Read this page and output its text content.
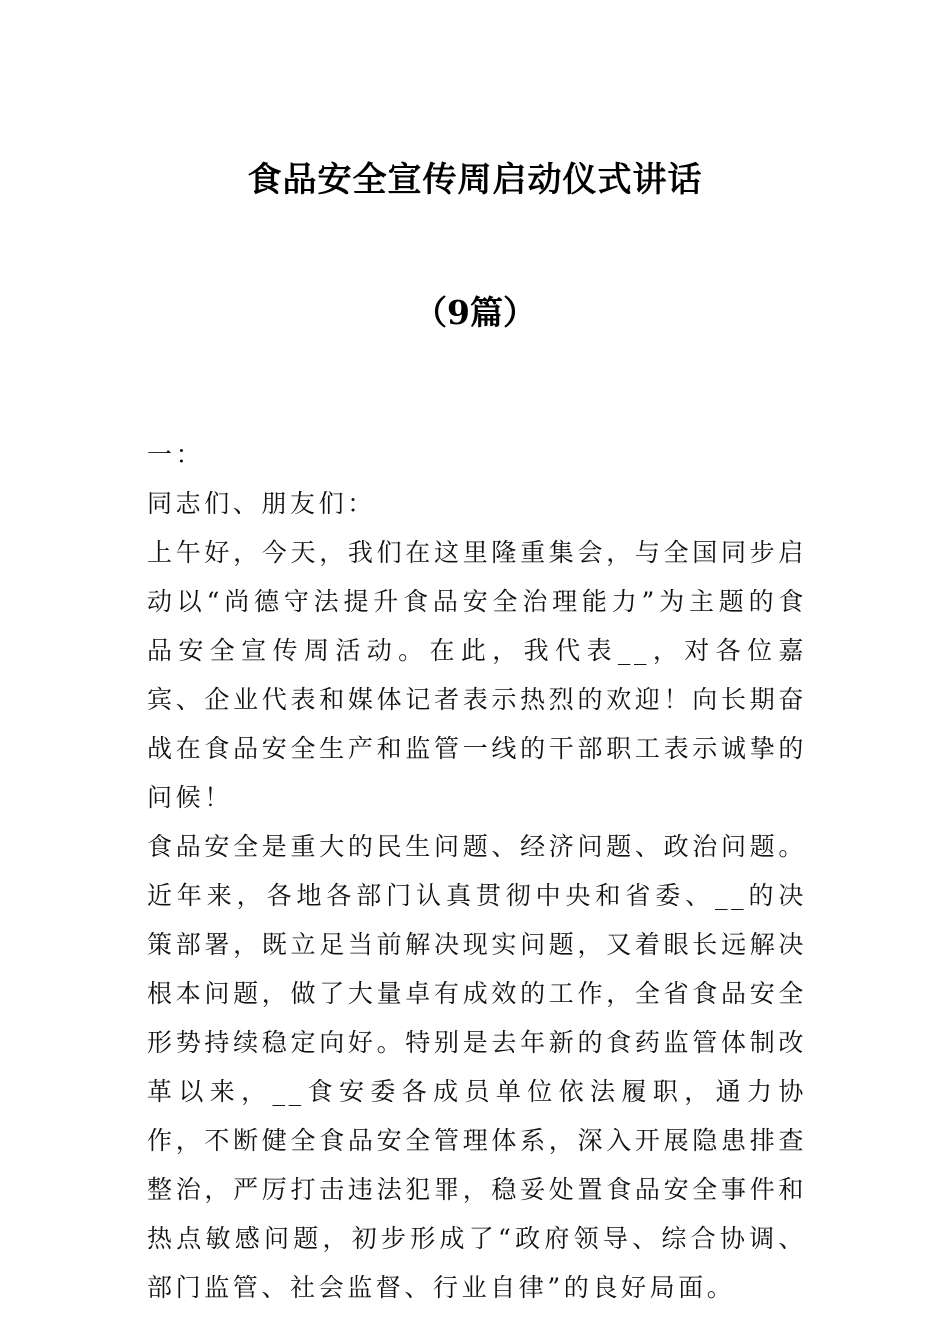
食品安全宣传周启动仪式讲话
（9篇）

一：

同志们、朋友们：

上午好，今天，我们在这里隆重集会，与全国同步启动以“尚德守法提升食品安全治理能力”为主题的食品安全宣传周活动。在此，我代表__，对各位嘉宾、企业代表和媒体记者表示热烈的欢迎！向长期奋战在食品安全生产和监管一线的干部职工表示诚挚的问候！

食品安全是重大的民生问题、经济问题、政治问题。近年来，各地各部门认真贯彻中央和省委、__的决策部署，既立足当前解决现实问题，又着眼长远解决根本问题，做了大量卓有成效的工作，全省食品安全形势持续稳定向好。特别是去年新的食药监管体制改革以来，__食安委各成员单位依法履职，通力协作，不断健全食品安全管理体系，深入开展隐患排查整治，严厉打击违法犯罪，稳妥处置食品安全事件和热点敏感问题，初步形成了“政府领导、综合协调、部门监管、社会监督、行业自律”的良好局面。
